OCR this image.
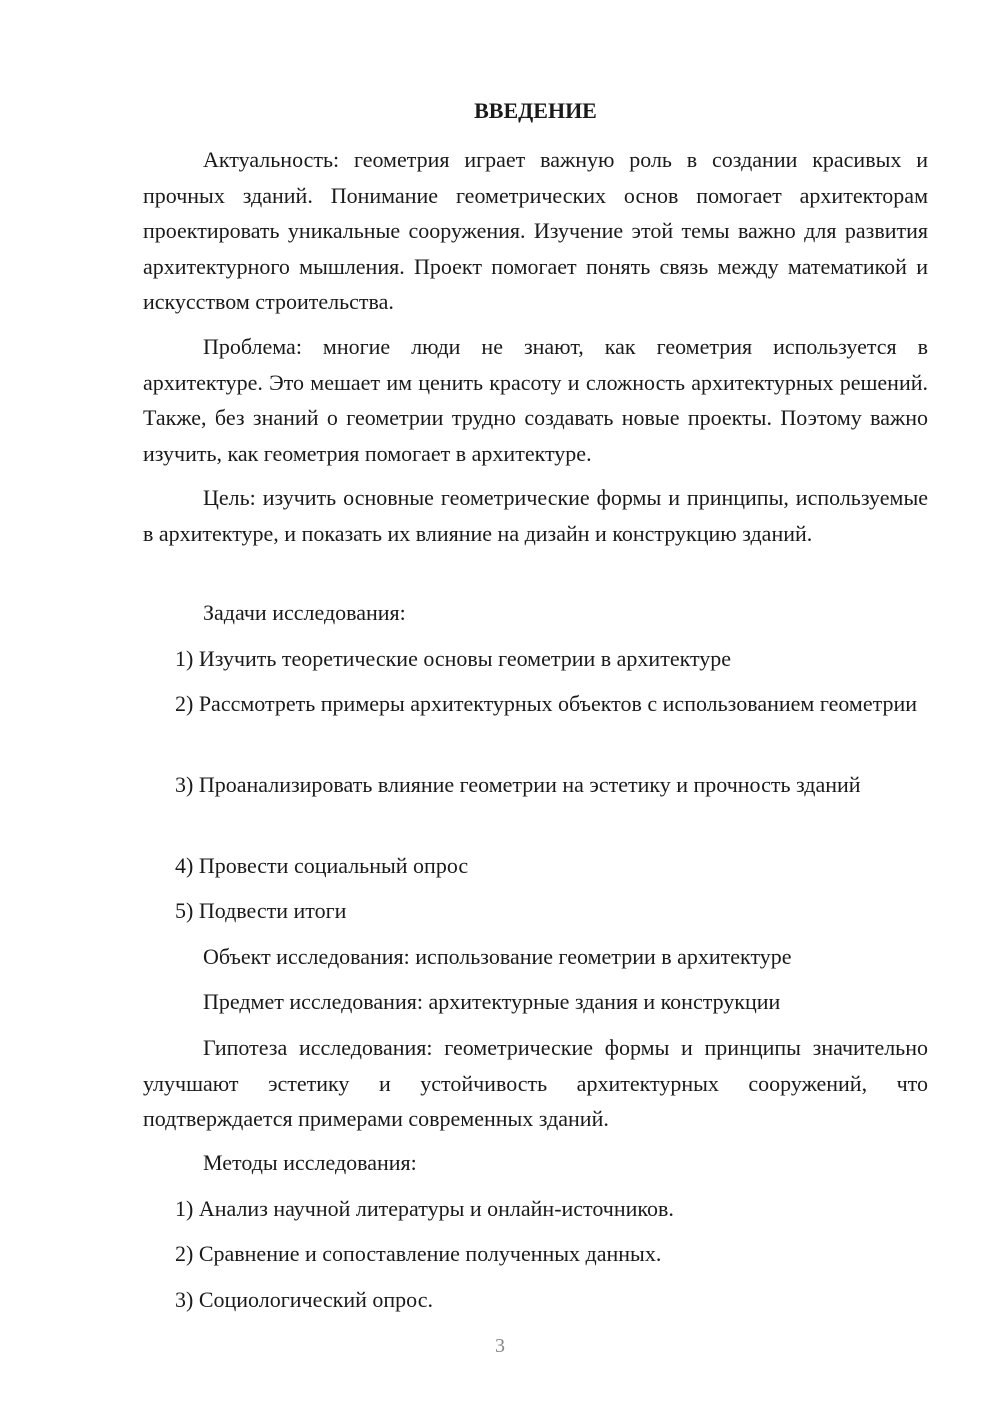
ВВЕДЕНИЕ

Актуальность: геометрия играет важную роль в создании красивых и прочных зданий. Понимание геометрических основ помогает архитекторам проектировать уникальные сооружения. Изучение этой темы важно для развития архитектурного мышления. Проект помогает понять связь между математикой и искусством строительства.

Проблема: многие люди не знают, как геометрия используется в архитектуре. Это мешает им ценить красоту и сложность архитектурных решений. Также, без знаний о геометрии трудно создавать новые проекты. Поэтому важно изучить, как геометрия помогает в архитектуре.

Цель: изучить основные геометрические формы и принципы, используемые в архитектуре, и показать их влияние на дизайн и конструкцию зданий.

Задачи исследования:

1) Изучить теоретические основы геометрии в архитектуре

2) Рассмотреть примеры архитектурных объектов с использованием геометрии

3) Проанализировать влияние геометрии на эстетику и прочность зданий

4) Провести социальный опрос

5) Подвести итоги

Объект исследования: использование геометрии в архитектуре

Предмет исследования: архитектурные здания и конструкции

Гипотеза исследования: геометрические формы и принципы значительно улучшают эстетику и устойчивость архитектурных сооружений, что подтверждается примерами современных зданий.

Методы исследования:

1) Анализ научной литературы и онлайн-источников.

2) Сравнение и сопоставление полученных данных.

3) Социологический опрос.

3
